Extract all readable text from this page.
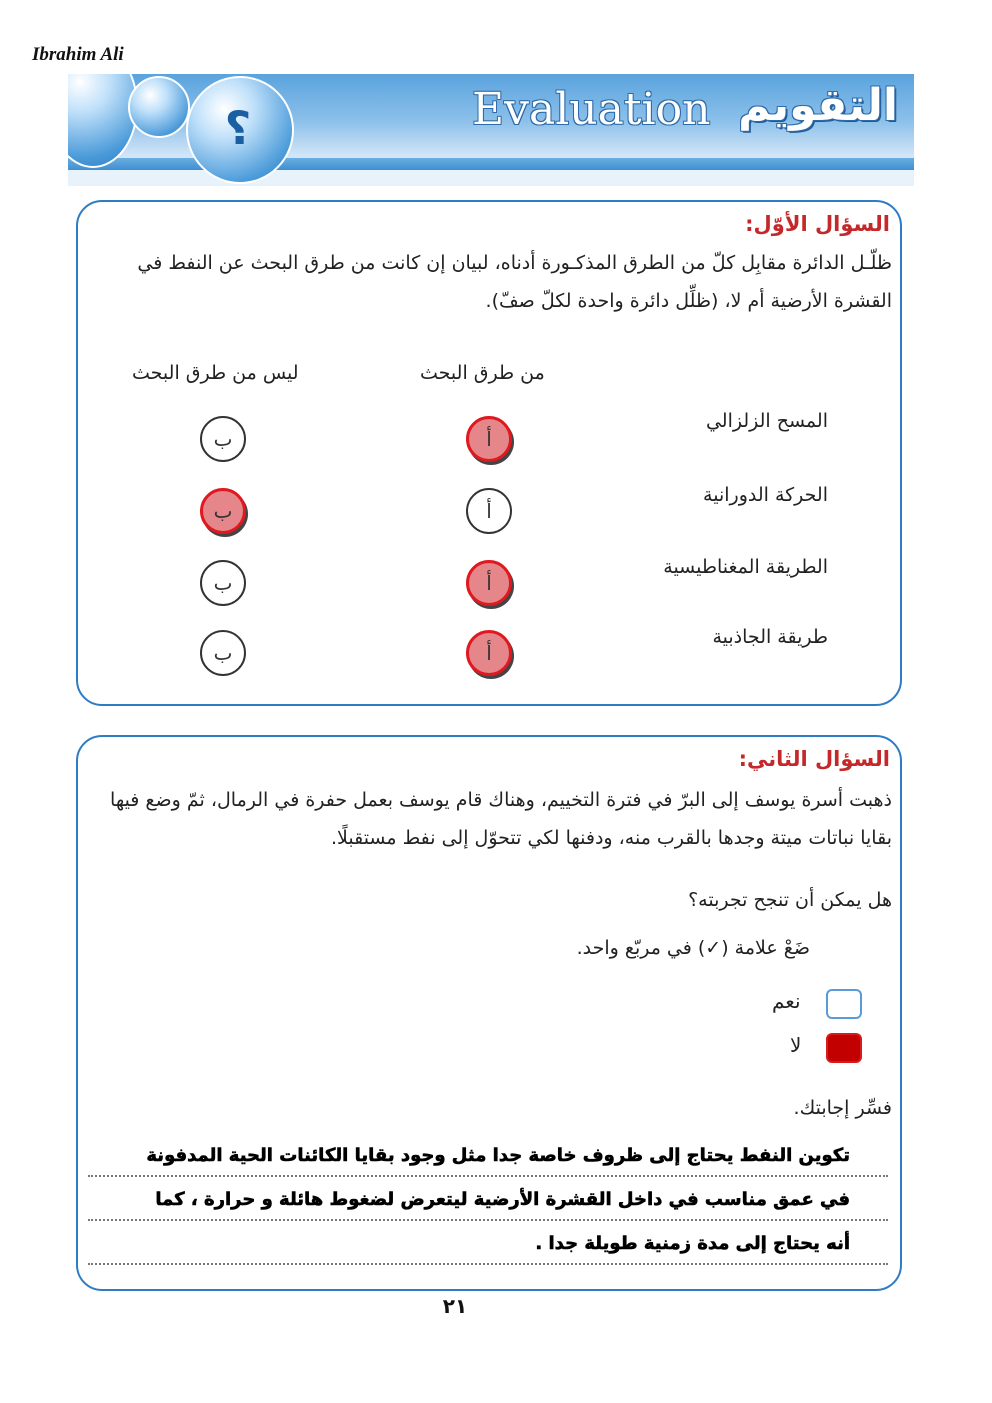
Ibrahim Ali
؟	Evaluation التقويم
السؤال الأوّل:
ظلّـل الدائرة مقابِل كلّ من الطرق المذكـورة أدناه، لبيان إن كانت من طرق البحث عن النفط في القشرة الأرضية أم لا، (ظلِّل دائرة واحدة لكلّ صفّ).
من طرق البحث
ليس من طرق البحث
المسح الزلزالي
أ
ب
الحركة الدورانية
أ
ب
الطريقة المغناطيسية
أ
ب
طريقة الجاذبية
أ
ب
السؤال الثاني:
ذهبت أسرة يوسف إلى البرّ في فترة التخييم، وهناك قام يوسف بعمل حفرة في الرمال، ثمّ وضع فيها بقايا نباتات ميتة وجدها بالقرب منه، ودفنها لكي تتحوّل إلى نفط مستقبلًا.
هل يمكن أن تنجح تجربته؟
ضَعْ علامة (✓) في مربّع واحد.
نعم
لا
فسِّر إجابتك.
تكوين النفط يحتاج إلى ظروف خاصة جدا مثل وجود بقايا الكائنات الحية المدفونة
في عمق مناسب في داخل القشرة الأرضية ليتعرض لضغوط هائلة و حرارة ، كما
أنه يحتاج إلى مدة زمنية طويلة جدا .
٢١
